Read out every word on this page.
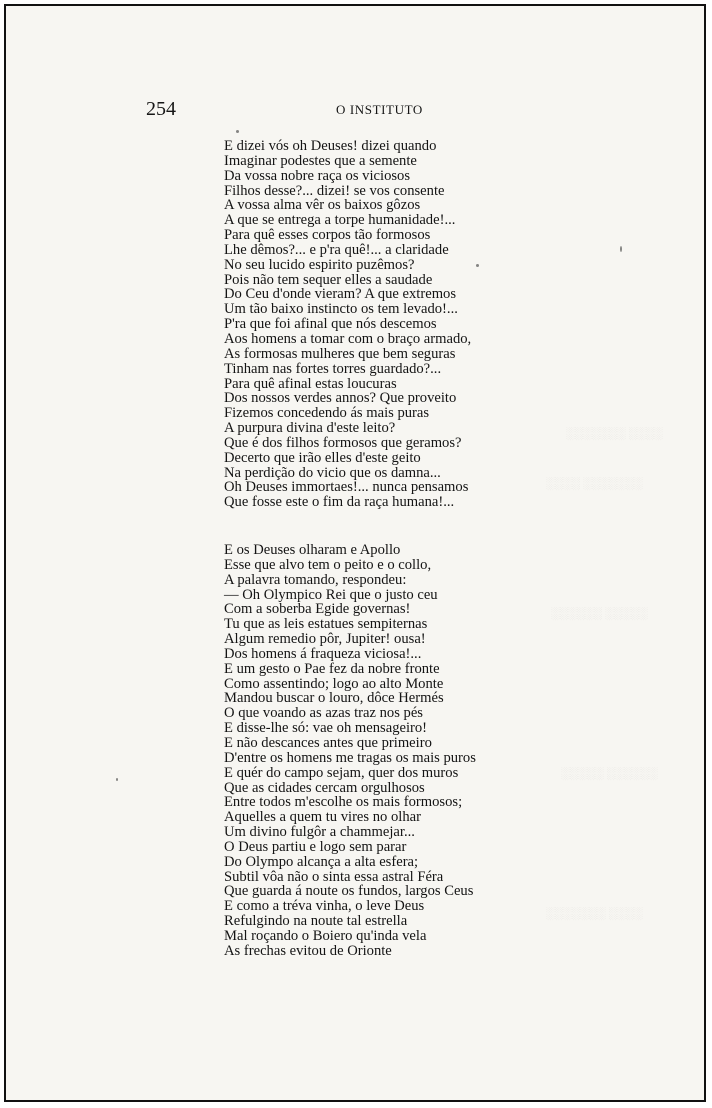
░░░░░░░ ░░░░
░░░░ ░░░░░░░
░░░░░░ ░░░░░
░░░░░ ░░░░░░
░░░░░░░ ░░░░
254	O INSTITUTO
E dizei vós oh Deuses! dizei quando
Imaginar podestes que a semente
Da vossa nobre raça os viciosos
Filhos desse?... dizei! se vos consente
A vossa alma vêr os baixos gôzos
A que se entrega a torpe humanidade!...
Para quê esses corpos tão formosos
Lhe dêmos?... e p'ra quê!... a claridade
No seu lucido espirito puzêmos?
Pois não tem sequer elles a saudade
Do Ceu d'onde vieram? A que extremos
Um tão baixo instincto os tem levado!...
P'ra que foi afinal que nós descemos
Aos homens a tomar com o braço armado,
As formosas mulheres que bem seguras
Tinham nas fortes torres guardado?...
Para quê afinal estas loucuras
Dos nossos verdes annos? Que proveito
Fizemos concedendo ás mais puras
A purpura divina d'este leito?
Que é dos filhos formosos que geramos?
Decerto que irão elles d'este geito
Na perdição do vicio que os damna...
Oh Deuses immortaes!... nunca pensamos
Que fosse este o fim da raça humana!...
E os Deuses olharam e Apollo
Esse que alvo tem o peito e o collo,
A palavra tomando, respondeu:
— Oh Olympico Rei que o justo ceu
Com a soberba Egide governas!
Tu que as leis estatues sempiternas
Algum remedio pôr, Jupiter! ousa!
Dos homens á fraqueza viciosa!...
E um gesto o Pae fez da nobre fronte
Como assentindo; logo ao alto Monte
Mandou buscar o louro, dôce Hermés
O que voando as azas traz nos pés
E disse-lhe só: vae oh mensageiro!
E não descances antes que primeiro
D'entre os homens me tragas os mais puros
E quér do campo sejam, quer dos muros
Que as cidades cercam orgulhosos
Entre todos m'escolhe os mais formosos;
Aquelles a quem tu vires no olhar
Um divino fulgôr a chammejar...
O Deus partiu e logo sem parar
Do Olympo alcança a alta esfera;
Subtil vôa não o sinta essa astral Féra
Que guarda á noute os fundos, largos Ceus
E como a tréva vinha, o leve Deus
Refulgindo na noute tal estrella
Mal roçando o Boiero qu'inda vela
As frechas evitou de Orionte
